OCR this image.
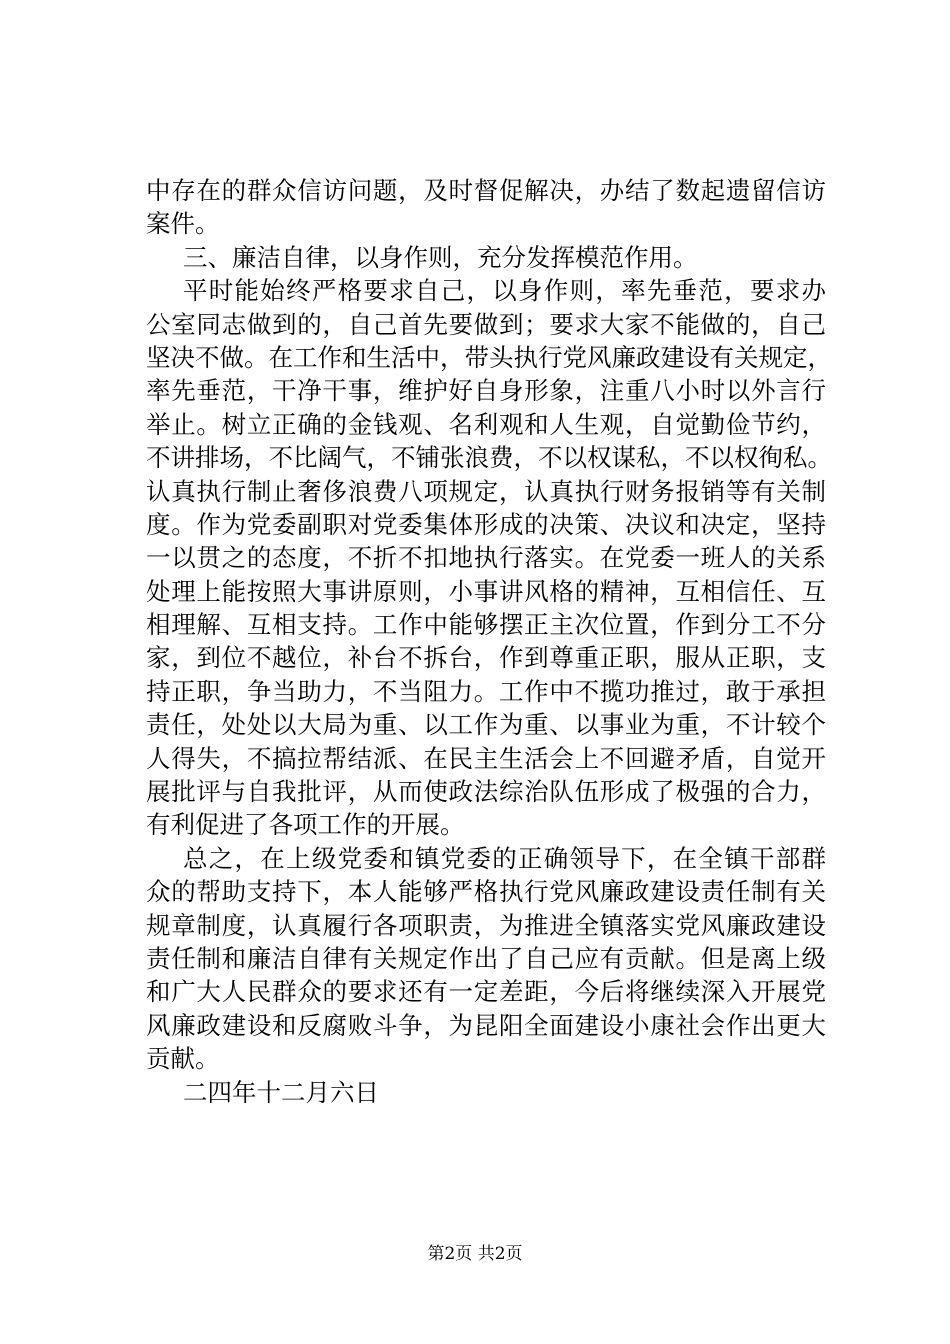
中存在的群众信访问题，及时督促解决，办结了数起遗留信访
案件。
三、廉洁自律，以身作则，充分发挥模范作用。
平时能始终严格要求自己，以身作则，率先垂范，要求办
公室同志做到的，自己首先要做到；要求大家不能做的，自己
坚决不做。在工作和生活中，带头执行党风廉政建设有关规定，
率先垂范，干净干事，维护好自身形象，注重八小时以外言行
举止。树立正确的金钱观、名利观和人生观，自觉勤俭节约，
不讲排场，不比阔气，不铺张浪费，不以权谋私，不以权徇私。
认真执行制止奢侈浪费八项规定，认真执行财务报销等有关制
度。作为党委副职对党委集体形成的决策、决议和决定，坚持
一以贯之的态度，不折不扣地执行落实。在党委一班人的关系
处理上能按照大事讲原则，小事讲风格的精神，互相信任、互
相理解、互相支持。工作中能够摆正主次位置，作到分工不分
家，到位不越位，补台不拆台，作到尊重正职，服从正职，支
持正职，争当助力，不当阻力。工作中不揽功推过，敢于承担
责任，处处以大局为重、以工作为重、以事业为重，不计较个
人得失，不搞拉帮结派、在民主生活会上不回避矛盾，自觉开
展批评与自我批评，从而使政法综治队伍形成了极强的合力，
有利促进了各项工作的开展。
总之，在上级党委和镇党委的正确领导下，在全镇干部群
众的帮助支持下，本人能够严格执行党风廉政建设责任制有关
规章制度，认真履行各项职责，为推进全镇落实党风廉政建设
责任制和廉洁自律有关规定作出了自己应有贡献。但是离上级
和广大人民群众的要求还有一定差距，今后将继续深入开展党
风廉政建设和反腐败斗争，为昆阳全面建设小康社会作出更大
贡献。
二四年十二月六日
第2页 共2页
